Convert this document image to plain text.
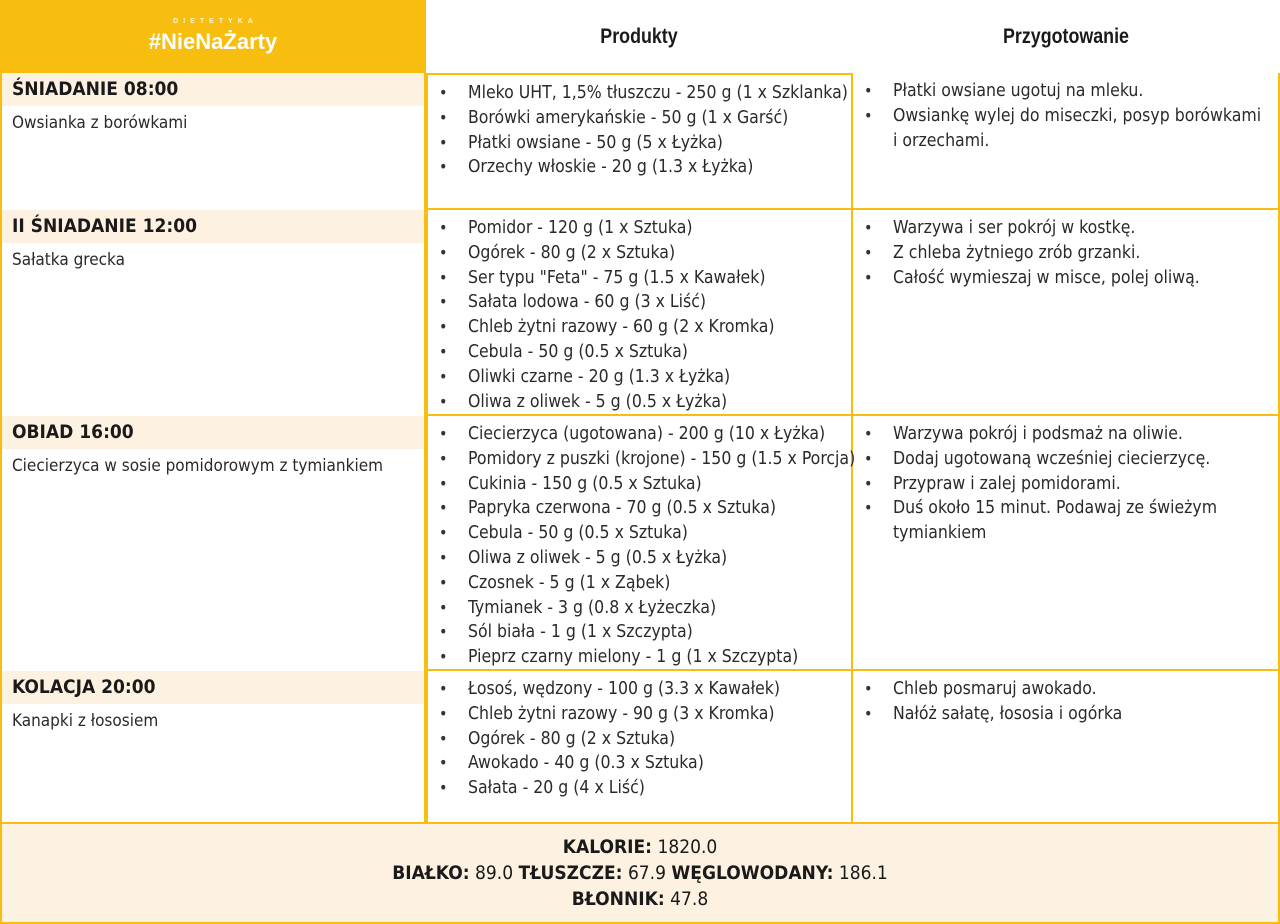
DIETETYKA
#NieNaŻarty	Produkty	Przygotowanie
ŚNIADANIE 08:00
Owsianka z borówkami
• Mleko UHT, 1,5% tłuszczu - 250 g (1 x Szklanka)
• Borówki amerykańskie - 50 g (1 x Garść)
• Płatki owsiane - 50 g (5 x Łyżka)
• Orzechy włoskie - 20 g (1.3 x Łyżka)
• Płatki owsiane ugotuj na mleku.
• Owsiankę wylej do miseczki, posyp borówkami i orzechami.
II ŚNIADANIE 12:00
Sałatka grecka
• Pomidor - 120 g (1 x Sztuka)
• Ogórek - 80 g (2 x Sztuka)
• Ser typu "Feta" - 75 g (1.5 x Kawałek)
• Sałata lodowa - 60 g (3 x Liść)
• Chleb żytni razowy - 60 g (2 x Kromka)
• Cebula - 50 g (0.5 x Sztuka)
• Oliwki czarne - 20 g (1.3 x Łyżka)
• Oliwa z oliwek - 5 g (0.5 x Łyżka)
• Warzywa i ser pokrój w kostkę.
• Z chleba żytniego zrób grzanki.
• Całość wymieszaj w misce, polej oliwą.
OBIAD 16:00
Ciecierzyca w sosie pomidorowym z tymiankiem
• Ciecierzyca (ugotowana) - 200 g (10 x Łyżka)
• Pomidory z puszki (krojone) - 150 g (1.5 x Porcja)
• Cukinia - 150 g (0.5 x Sztuka)
• Papryka czerwona - 70 g (0.5 x Sztuka)
• Cebula - 50 g (0.5 x Sztuka)
• Oliwa z oliwek - 5 g (0.5 x Łyżka)
• Czosnek - 5 g (1 x Ząbek)
• Tymianek - 3 g (0.8 x Łyżeczka)
• Sól biała - 1 g (1 x Szczypta)
• Pieprz czarny mielony - 1 g (1 x Szczypta)
• Warzywa pokrój i podsmaż na oliwie.
• Dodaj ugotowaną wcześniej ciecierzycę.
• Przypraw i zalej pomidorami.
• Duś około 15 minut. Podawaj ze świeżym tymiankiem
KOLACJA 20:00
Kanapki z łososiem
• Łosoś, wędzony - 100 g (3.3 x Kawałek)
• Chleb żytni razowy - 90 g (3 x Kromka)
• Ogórek - 80 g (2 x Sztuka)
• Awokado - 40 g (0.3 x Sztuka)
• Sałata - 20 g (4 x Liść)
• Chleb posmaruj awokado.
• Nałóż sałatę, łososia i ogórka
KALORIE: 1820.0
BIAŁKO: 89.0 TŁUSZCZE: 67.9 WĘGLOWODANY: 186.1
BŁONNIK: 47.8
